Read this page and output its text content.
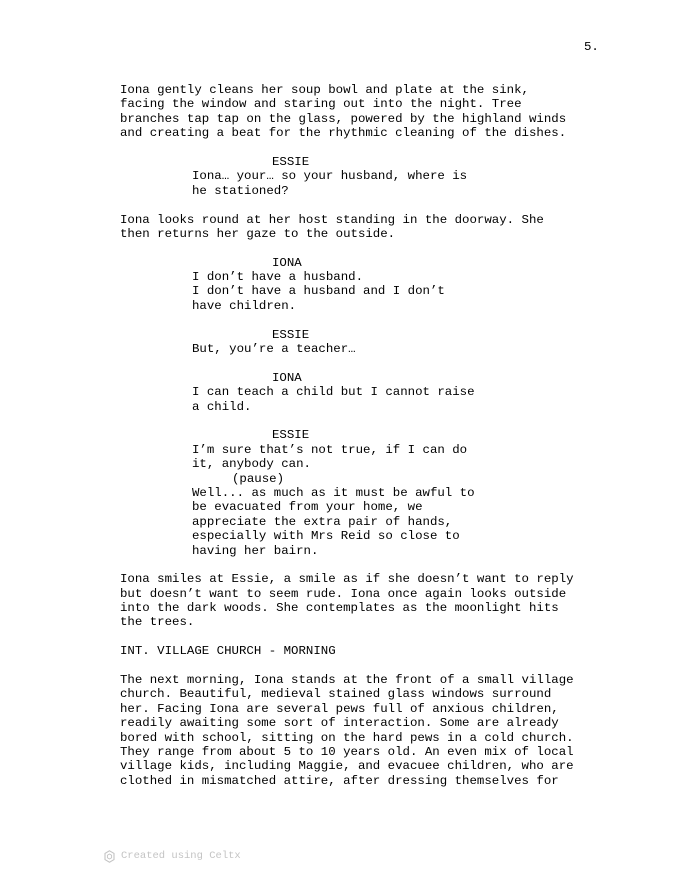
5.
Iona gently cleans her soup bowl and plate at the sink,
facing the window and staring out into the night. Tree
branches tap tap on the glass, powered by the highland winds
and creating a beat for the rhythmic cleaning of the dishes.
ESSIE
Iona… your… so your husband, where is
he stationed?
Iona looks round at her host standing in the doorway. She
then returns her gaze to the outside.
IONA
I don’t have a husband.
I don’t have a husband and I don’t
have children.
ESSIE
But, you’re a teacher…
IONA
I can teach a child but I cannot raise
a child.
ESSIE
I’m sure that’s not true, if I can do
it, anybody can.
(pause)
Well... as much as it must be awful to
be evacuated from your home, we
appreciate the extra pair of hands,
especially with Mrs Reid so close to
having her bairn.
Iona smiles at Essie, a smile as if she doesn’t want to reply
but doesn’t want to seem rude. Iona once again looks outside
into the dark woods. She contemplates as the moonlight hits
the trees.
INT. VILLAGE CHURCH - MORNING
The next morning, Iona stands at the front of a small village
church. Beautiful, medieval stained glass windows surround
her. Facing Iona are several pews full of anxious children,
readily awaiting some sort of interaction. Some are already
bored with school, sitting on the hard pews in a cold church.
They range from about 5 to 10 years old. An even mix of local
village kids, including Maggie, and evacuee children, who are
clothed in mismatched attire, after dressing themselves for
Created using Celtx
